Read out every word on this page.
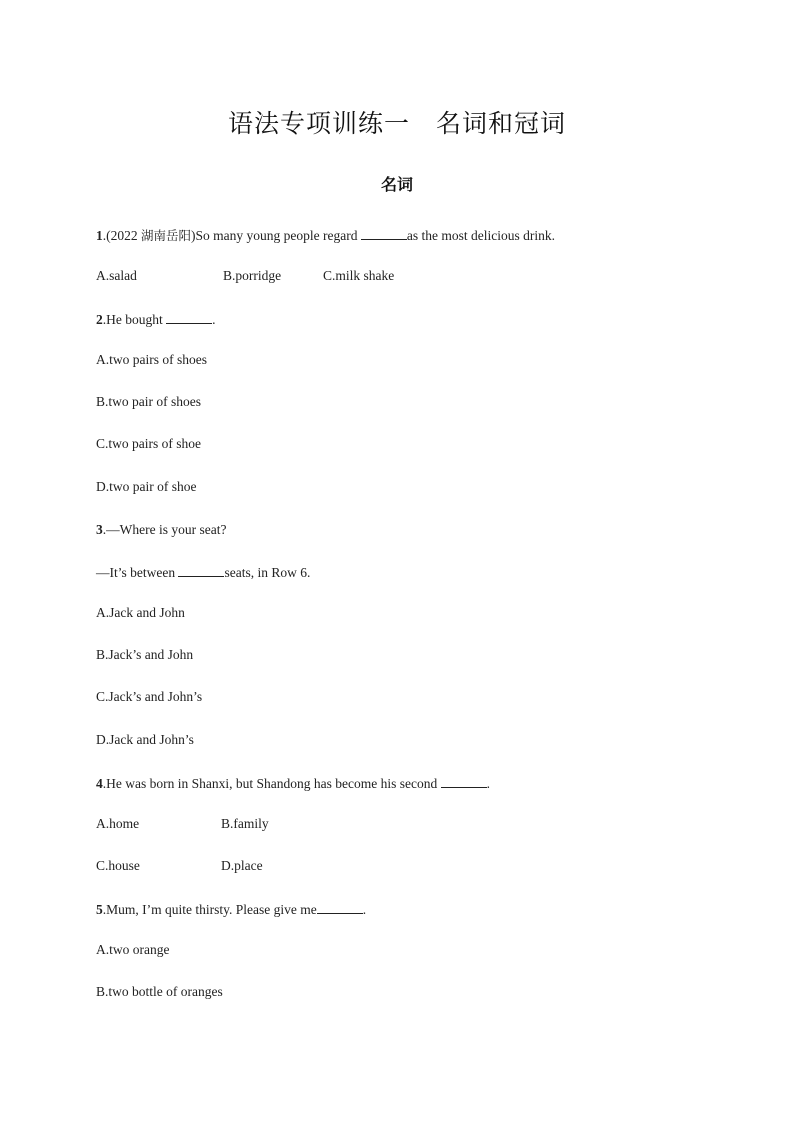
语法专项训练一 名词和冠词
名词
1.(2022 湖南岳阳)So many young people regard	as the most delicious drink.
A.salad	B.porridge	C.milk shake
2.He bought	.
A.two pairs of shoes
B.two pair of shoes
C.two pairs of shoe
D.two pair of shoe
3.—Where is your seat?
—It’s between	seats, in Row 6.
A.Jack and John
B.Jack’s and John
C.Jack’s and John’s
D.Jack and John’s
4.He was born in Shanxi, but Shandong has become his second	.
A.home	B.family
C.house	D.place
5.Mum, I’m quite thirsty. Please give me	.
A.two orange
B.two bottle of oranges
